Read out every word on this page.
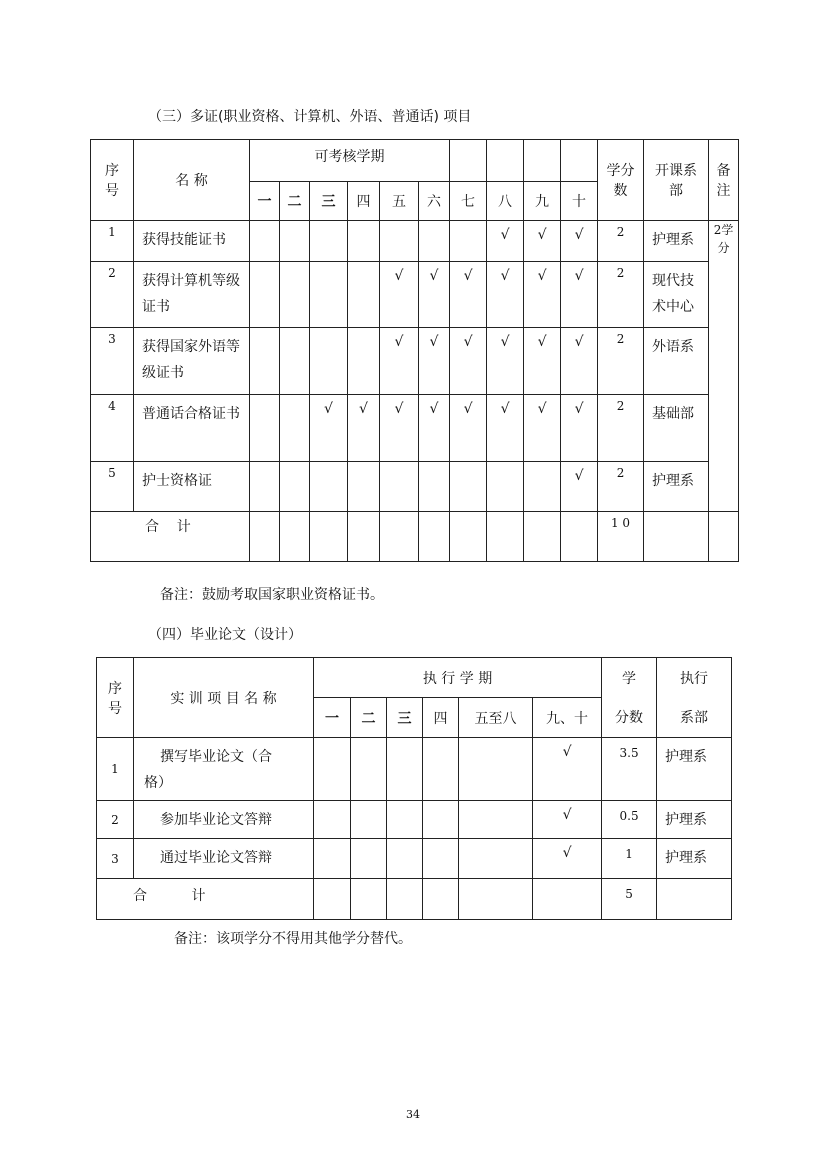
（三）多证(职业资格、计算机、外语、普通话) 项目
序号	名 称	可考核学期										学分数	开课系部	备注
		一	二	三	四	五	六	七	八	九	十			
1	获得技能证书								√	√	√	2	护理系	2学分
2	获得计算机等级证书					√	√	√	√	√	√	2	现代技术中心	
3	获得国家外语等级证书					√	√	√	√	√	√	2	外语系	
4	普通话合格证书			√	√	√	√	√	√	√	√	2	基础部	
5	护士资格证										√	2	护理系	
合    计												1 0		
备注：鼓励考取国家职业资格证书。
（四）毕业论文（设计）
序号	实 训 项 目 名 称	执 行 学 期						学	执行
		一	二	三	四	五至八	九、十	分数	系部
1	撰写毕业论文（合格）						√	3.5	护理系
2	参加毕业论文答辩						√	0.5	护理系
3	通过毕业论文答辩						√	1	护理系
合          计								5	
备注：该项学分不得用其他学分替代。
34
